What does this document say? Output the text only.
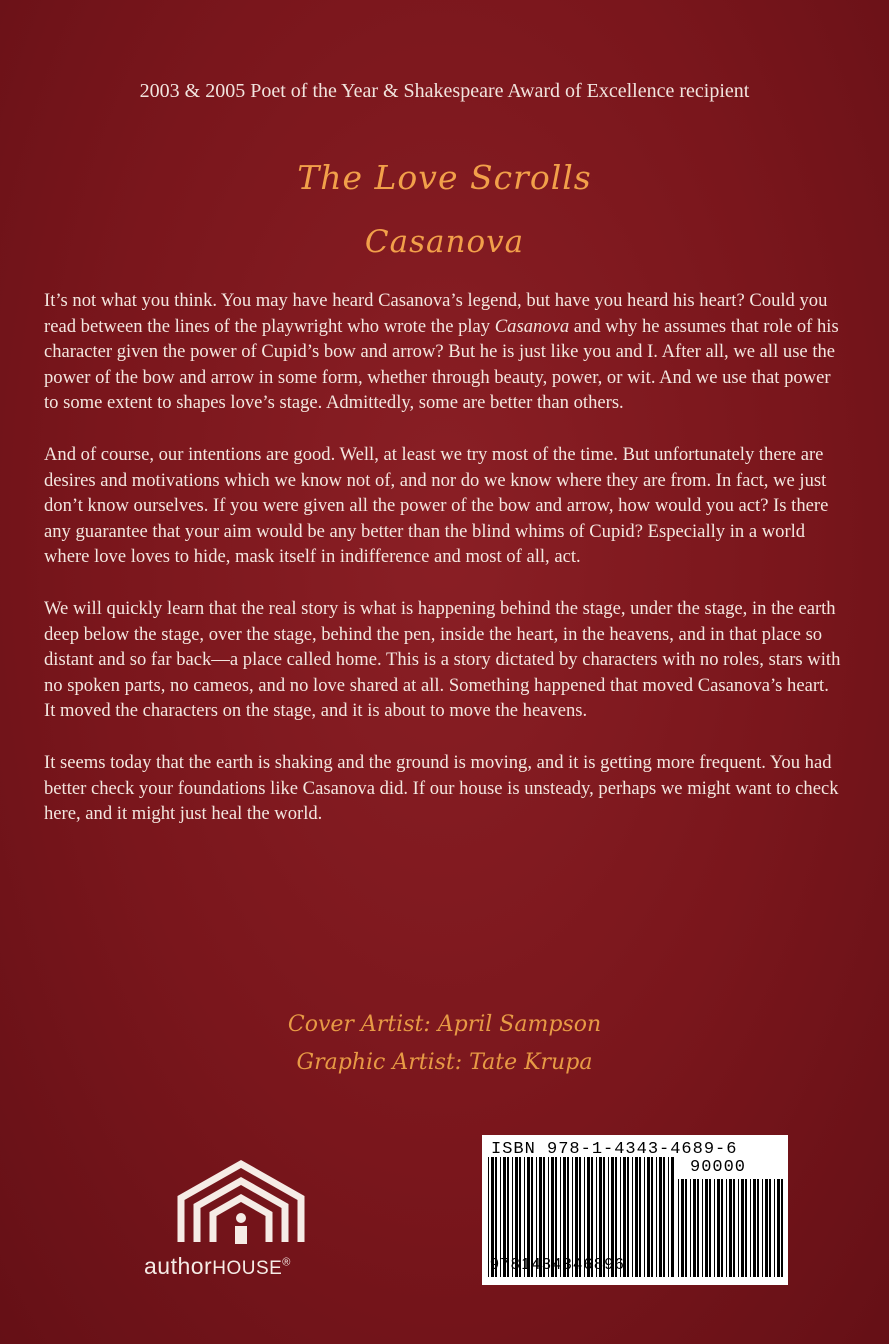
2003 & 2005 Poet of the Year & Shakespeare Award of Excellence recipient
The Love Scrolls
Casanova

It’s not what you think. You may have heard Casanova’s legend, but have you heard his heart? Could you read between the lines of the playwright who wrote the play Casanova and why he assumes that role of his character given the power of Cupid’s bow and arrow? But he is just like you and I. After all, we all use the power of the bow and arrow in some form, whether through beauty, power, or wit. And we use that power to some extent to shapes love’s stage. Admittedly, some are better than others.

And of course, our intentions are good. Well, at least we try most of the time. But unfortunately there are desires and motivations which we know not of, and nor do we know where they are from. In fact, we just don’t know ourselves. If you were given all the power of the bow and arrow, how would you act? Is there any guarantee that your aim would be any better than the blind whims of Cupid? Especially in a world where love loves to hide, mask itself in indifference and most of all, act.

We will quickly learn that the real story is what is happening behind the stage, under the stage, in the earth deep below the stage, over the stage, behind the pen, inside the heart, in the heavens, and in that place so distant and so far back—a place called home. This is a story dictated by characters with no roles, stars with no spoken parts, no cameos, and no love shared at all. Something happened that moved Casanova’s heart. It moved the characters on the stage, and it is about to move the heavens.

It seems today that the earth is shaking and the ground is moving, and it is getting more frequent. You had better check your foundations like Casanova did. If our house is unsteady, perhaps we might want to check here, and it might just heal the world.

Cover Artist: April Sampson
Graphic Artist: Tate Krupa
authorHOUSE®
ISBN 978-1-4343-4689-6
90000
9781434346896
